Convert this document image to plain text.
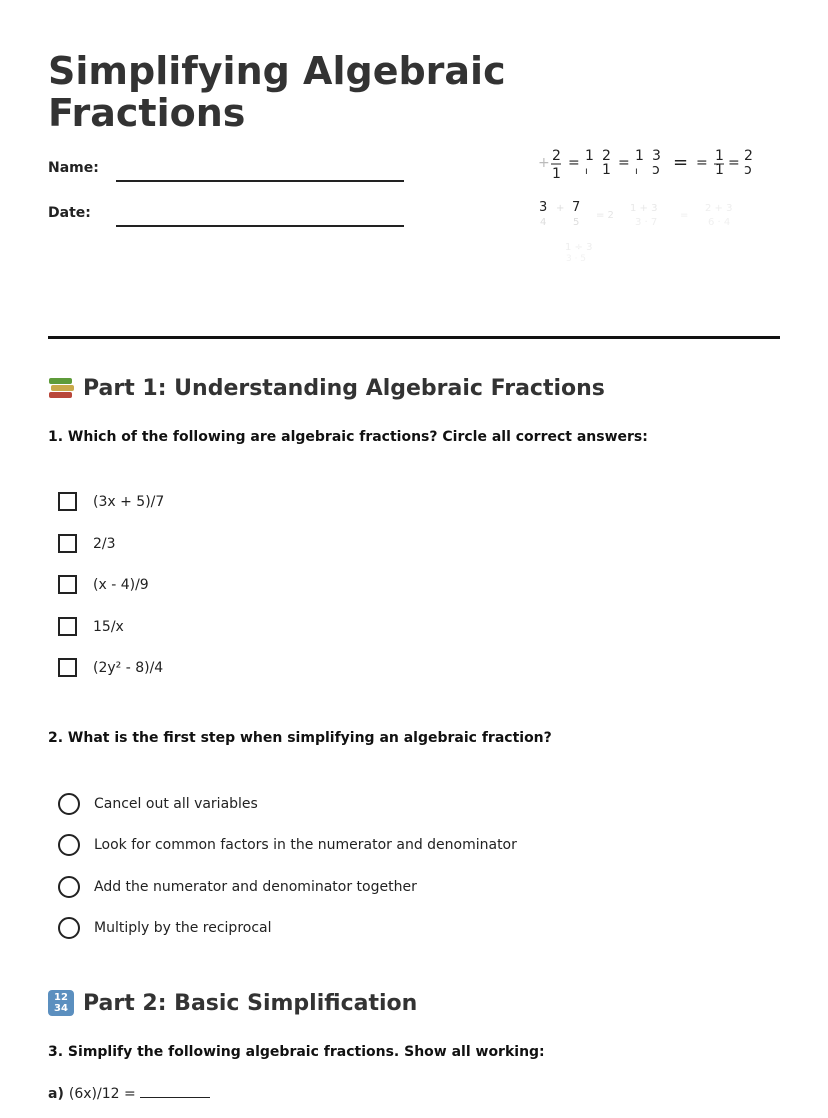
Simplifying Algebraic
Fractions
Name:
Date:
+ 2
1
= 1
ı
2
1 = 1
ı
3
ɔ = = 1
1 = 2
ɔ
3
4
+ 7
5
= 2
1 + 3
3 · 7
=
2 + 3
6 · 4
1 ÷ 3
3 · 5
Part 1: Understanding Algebraic Fractions

1. Which of the following are algebraic fractions? Circle all correct answers:

(3x + 5)/7
2/3
(x - 4)/9
15/x
(2y² - 8)/4

2. What is the first step when simplifying an algebraic fraction?

Cancel out all variables
Look for common factors in the numerator and denominator
Add the numerator and denominator together
Multiply by the reciprocal
12
34 Part 2: Basic Simplification

3. Simplify the following algebraic fractions. Show all working:

a) (6x)/12 =
